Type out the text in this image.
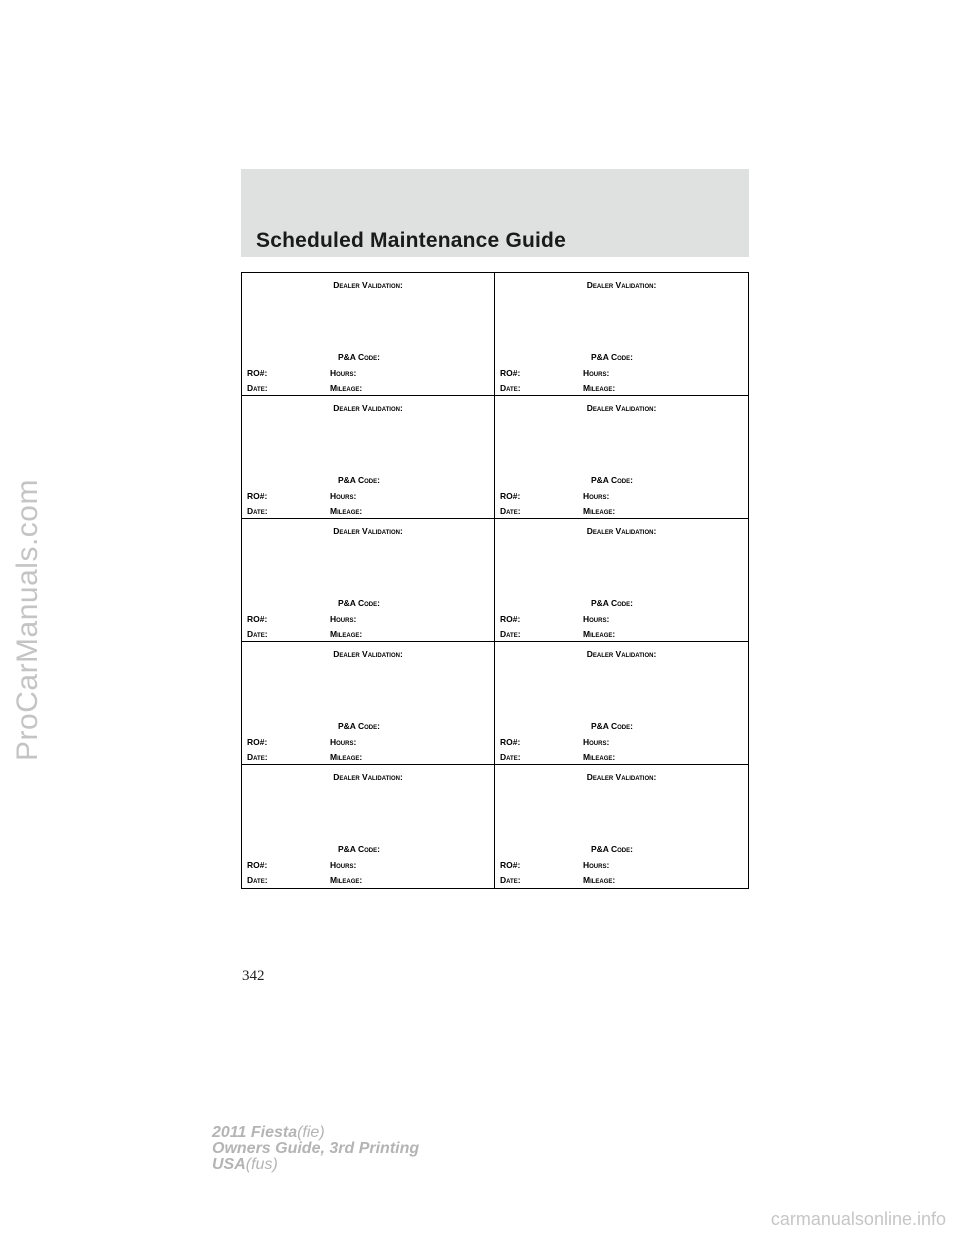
ProCarManuals.com
Scheduled Maintenance Guide
Dealer Validation:
P&A Code:
RO#:	Hours:
Date:	Mileage:
Dealer Validation:
P&A Code:
RO#:	Hours:
Date:	Mileage:
Dealer Validation:
P&A Code:
RO#:	Hours:
Date:	Mileage:
Dealer Validation:
P&A Code:
RO#:	Hours:
Date:	Mileage:
Dealer Validation:
P&A Code:
RO#:	Hours:
Date:	Mileage:
Dealer Validation:
P&A Code:
RO#:	Hours:
Date:	Mileage:
Dealer Validation:
P&A Code:
RO#:	Hours:
Date:	Mileage:
Dealer Validation:
P&A Code:
RO#:	Hours:
Date:	Mileage:
Dealer Validation:
P&A Code:
RO#:	Hours:
Date:	Mileage:
Dealer Validation:
P&A Code:
RO#:	Hours:
Date:	Mileage:
342
2011 Fiesta(fie)
Owners Guide, 3rd Printing
USA(fus)
carmanualsonline.info
